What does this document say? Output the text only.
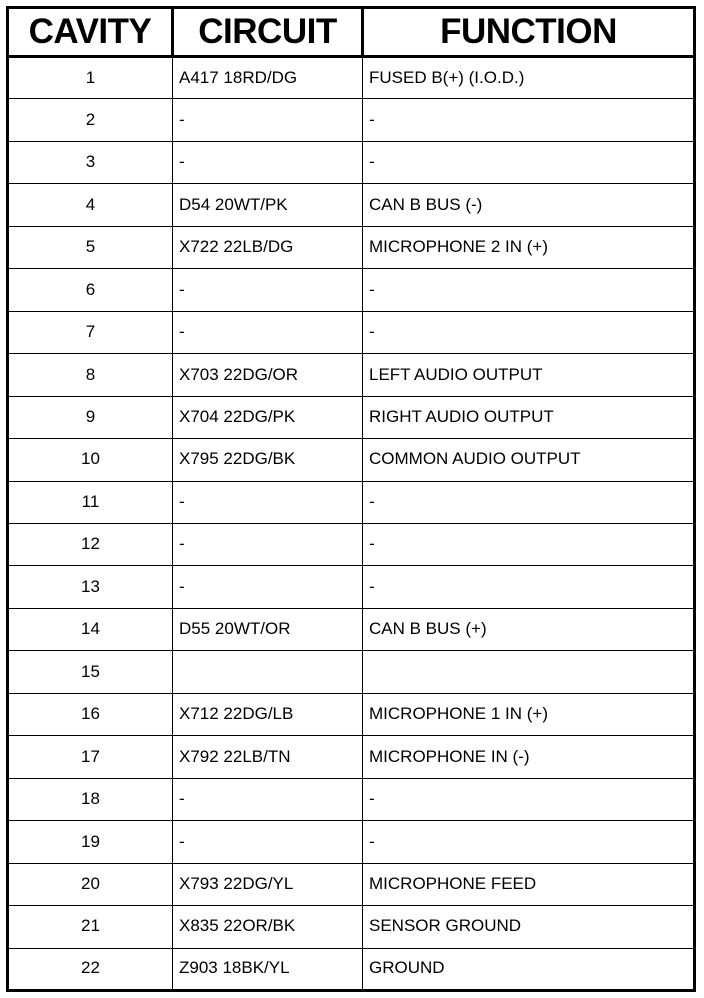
CAVITY	CIRCUIT	FUNCTION
1	A417 18RD/DG	FUSED B(+) (I.O.D.)
2	-	-
3	-	-
4	D54 20WT/PK	CAN B BUS (-)
5	X722 22LB/DG	MICROPHONE 2 IN (+)
6	-	-
7	-	-
8	X703 22DG/OR	LEFT AUDIO OUTPUT
9	X704 22DG/PK	RIGHT AUDIO OUTPUT
10	X795 22DG/BK	COMMON AUDIO OUTPUT
11	-	-
12	-	-
13	-	-
14	D55 20WT/OR	CAN B BUS (+)
15		
16	X712 22DG/LB	MICROPHONE 1 IN (+)
17	X792 22LB/TN	MICROPHONE IN (-)
18	-	-
19	-	-
20	X793 22DG/YL	MICROPHONE FEED
21	X835 22OR/BK	SENSOR GROUND
22	Z903 18BK/YL	GROUND
